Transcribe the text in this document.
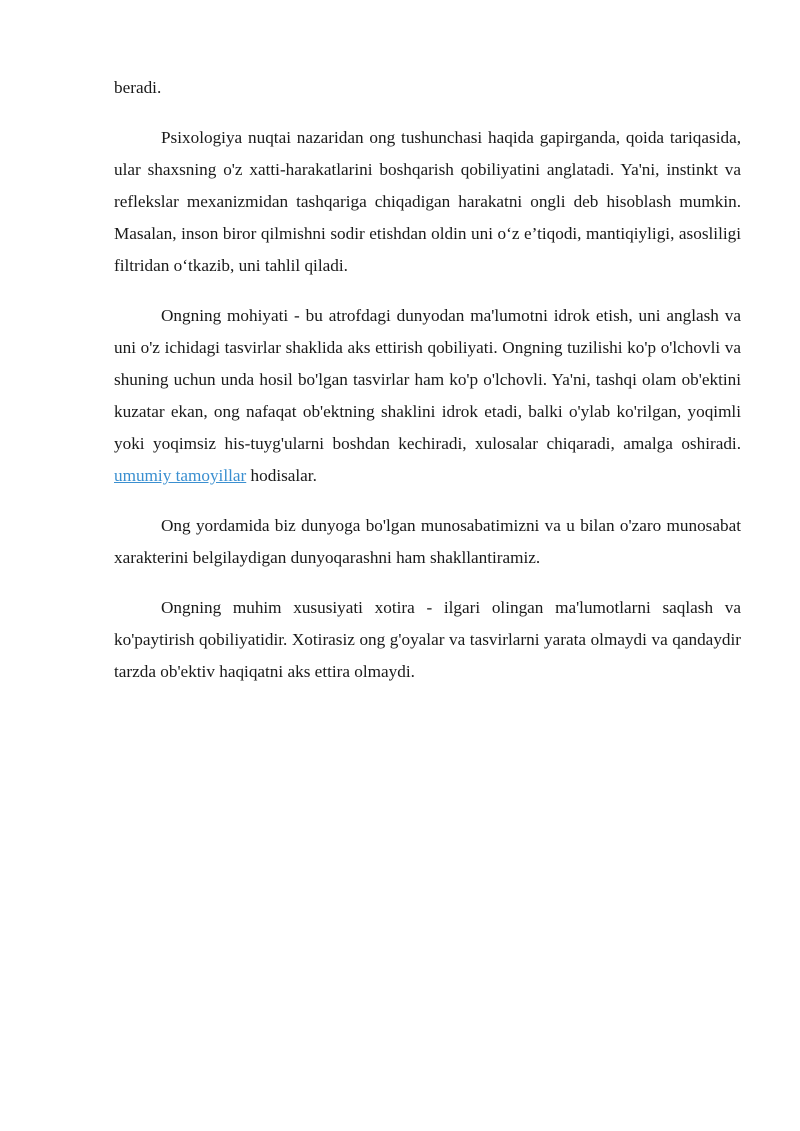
beradi.

Psixologiya nuqtai nazaridan ong tushunchasi haqida gapirganda, qoida tariqasida, ular shaxsning o'z xatti-harakatlarini boshqarish qobiliyatini anglatadi. Ya'ni, instinkt va reflekslar mexanizmidan tashqariga chiqadigan harakatni ongli deb hisoblash mumkin. Masalan, inson biror qilmishni sodir etishdan oldin uni o‘z e’tiqodi, mantiqiyligi, asosliligi filtridan o‘tkazib, uni tahlil qiladi.

Ongning mohiyati - bu atrofdagi dunyodan ma'lumotni idrok etish, uni anglash va uni o'z ichidagi tasvirlar shaklida aks ettirish qobiliyati. Ongning tuzilishi ko'p o'lchovli va shuning uchun unda hosil bo'lgan tasvirlar ham ko'p o'lchovli. Ya'ni, tashqi olam ob'ektini kuzatar ekan, ong nafaqat ob'ektning shaklini idrok etadi, balki o'ylab ko'rilgan, yoqimli yoki yoqimsiz his-tuyg'ularni boshdan kechiradi, xulosalar chiqaradi, amalga oshiradi. umumiy tamoyillar hodisalar.

Ong yordamida biz dunyoga bo'lgan munosabatimizni va u bilan o'zaro munosabat xarakterini belgilaydigan dunyoqarashni ham shakllantiramiz.

Ongning muhim xususiyati xotira - ilgari olingan ma'lumotlarni saqlash va ko'paytirish qobiliyatidir. Xotirasiz ong g'oyalar va tasvirlarni yarata olmaydi va qandaydir tarzda ob'ektiv haqiqatni aks ettira olmaydi.
